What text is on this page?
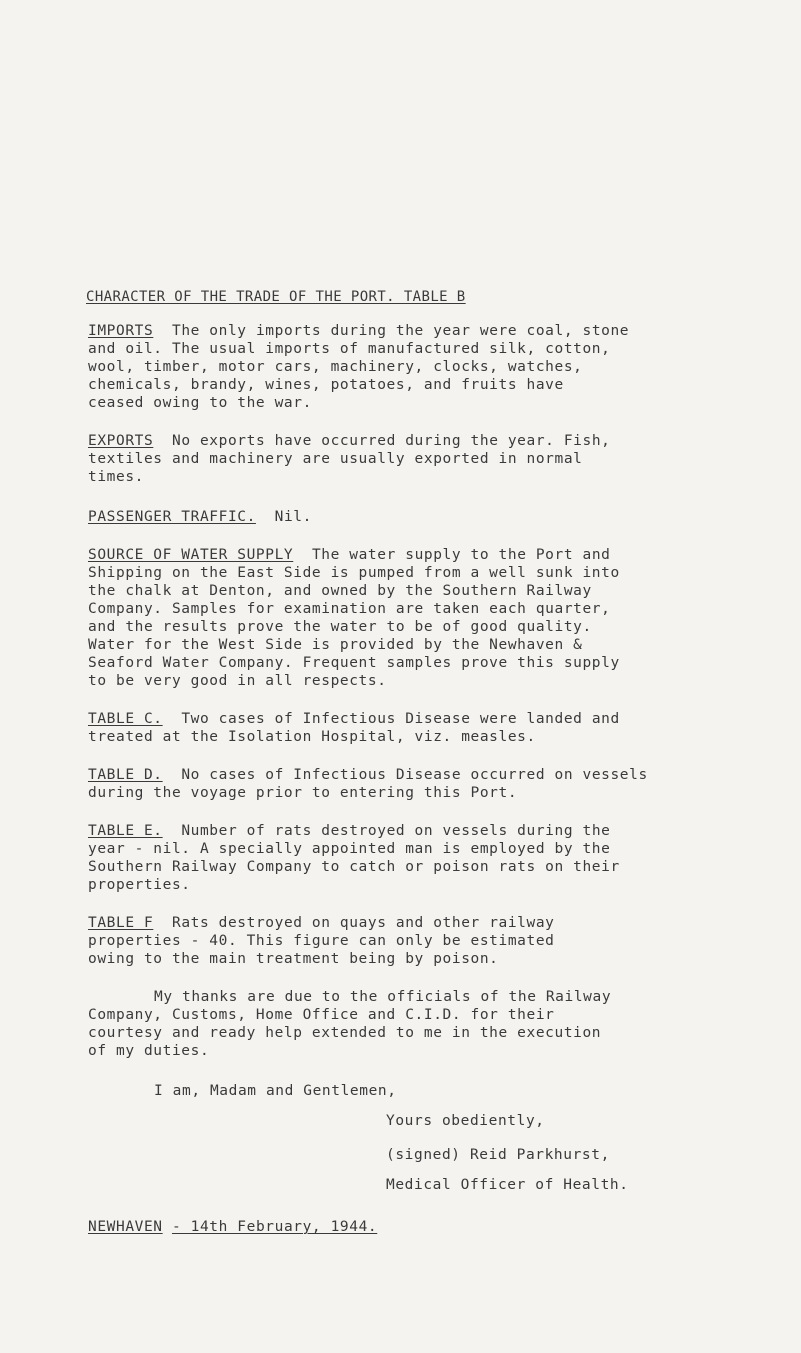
CHARACTER OF THE TRADE OF THE PORT. TABLE B
IMPORTS The only imports during the year were coal, stone
and oil. The usual imports of manufactured silk, cotton,
wool, timber, motor cars, machinery, clocks, watches,
chemicals, brandy, wines, potatoes, and fruits have
ceased owing to the war.
EXPORTS No exports have occurred during the year. Fish,
textiles and machinery are usually exported in normal
times.
PASSENGER TRAFFIC. Nil.
SOURCE OF WATER SUPPLY The water supply to the Port and
Shipping on the East Side is pumped from a well sunk into
the chalk at Denton, and owned by the Southern Railway
Company. Samples for examination are taken each quarter,
and the results prove the water to be of good quality.
Water for the West Side is provided by the Newhaven &
Seaford Water Company. Frequent samples prove this supply
to be very good in all respects.
TABLE C. Two cases of Infectious Disease were landed and
treated at the Isolation Hospital, viz. measles.
TABLE D. No cases of Infectious Disease occurred on vessels
during the voyage prior to entering this Port.
TABLE E. Number of rats destroyed on vessels during the
year - nil. A specially appointed man is employed by the
Southern Railway Company to catch or poison rats on their
properties.
TABLE F Rats destroyed on quays and other railway
properties - 40. This figure can only be estimated
owing to the main treatment being by poison.
My thanks are due to the officials of the Railway
Company, Customs, Home Office and C.I.D. for their
courtesy and ready help extended to me in the execution
of my duties.
I am, Madam and Gentlemen,
Yours obediently,
(signed) Reid Parkhurst,
Medical Officer of Health.
NEWHAVEN - 14th February, 1944.
